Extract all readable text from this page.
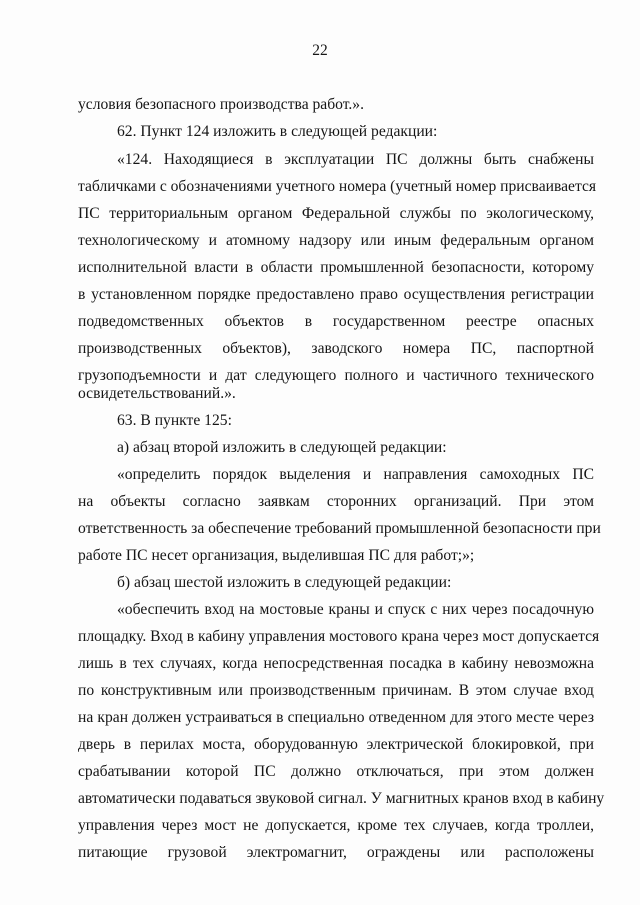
22
условия безопасного производства работ.».
62. Пункт 124 изложить в следующей редакции:
«124. Находящиеся в эксплуатации ПС должны быть снабжены
табличками с обозначениями учетного номера (учетный номер присваивается
ПС территориальным органом Федеральной службы по экологическому,
технологическому и атомному надзору или иным федеральным органом
исполнительной власти в области промышленной безопасности, которому
в установленном порядке предоставлено право осуществления регистрации
подведомственных объектов в государственном реестре опасных
производственных объектов), заводского номера ПС, паспортной
грузоподъемности и дат следующего полного и частичного технического
освидетельствований.».
63. В пункте 125:
а) абзац второй изложить в следующей редакции:
«определить порядок выделения и направления самоходных ПС
на объекты согласно заявкам сторонних организаций. При этом
ответственность за обеспечение требований промышленной безопасности при
работе ПС несет организация, выделившая ПС для работ;»;
б) абзац шестой изложить в следующей редакции:
«обеспечить вход на мостовые краны и спуск с них через посадочную
площадку. Вход в кабину управления мостового крана через мост допускается
лишь в тех случаях, когда непосредственная посадка в кабину невозможна
по конструктивным или производственным причинам. В этом случае вход
на кран должен устраиваться в специально отведенном для этого месте через
дверь в перилах моста, оборудованную электрической блокировкой, при
срабатывании которой ПС должно отключаться, при этом должен
автоматически подаваться звуковой сигнал. У магнитных кранов вход в кабину
управления через мост не допускается, кроме тех случаев, когда троллеи,
питающие грузовой электромагнит, ограждены или расположены
